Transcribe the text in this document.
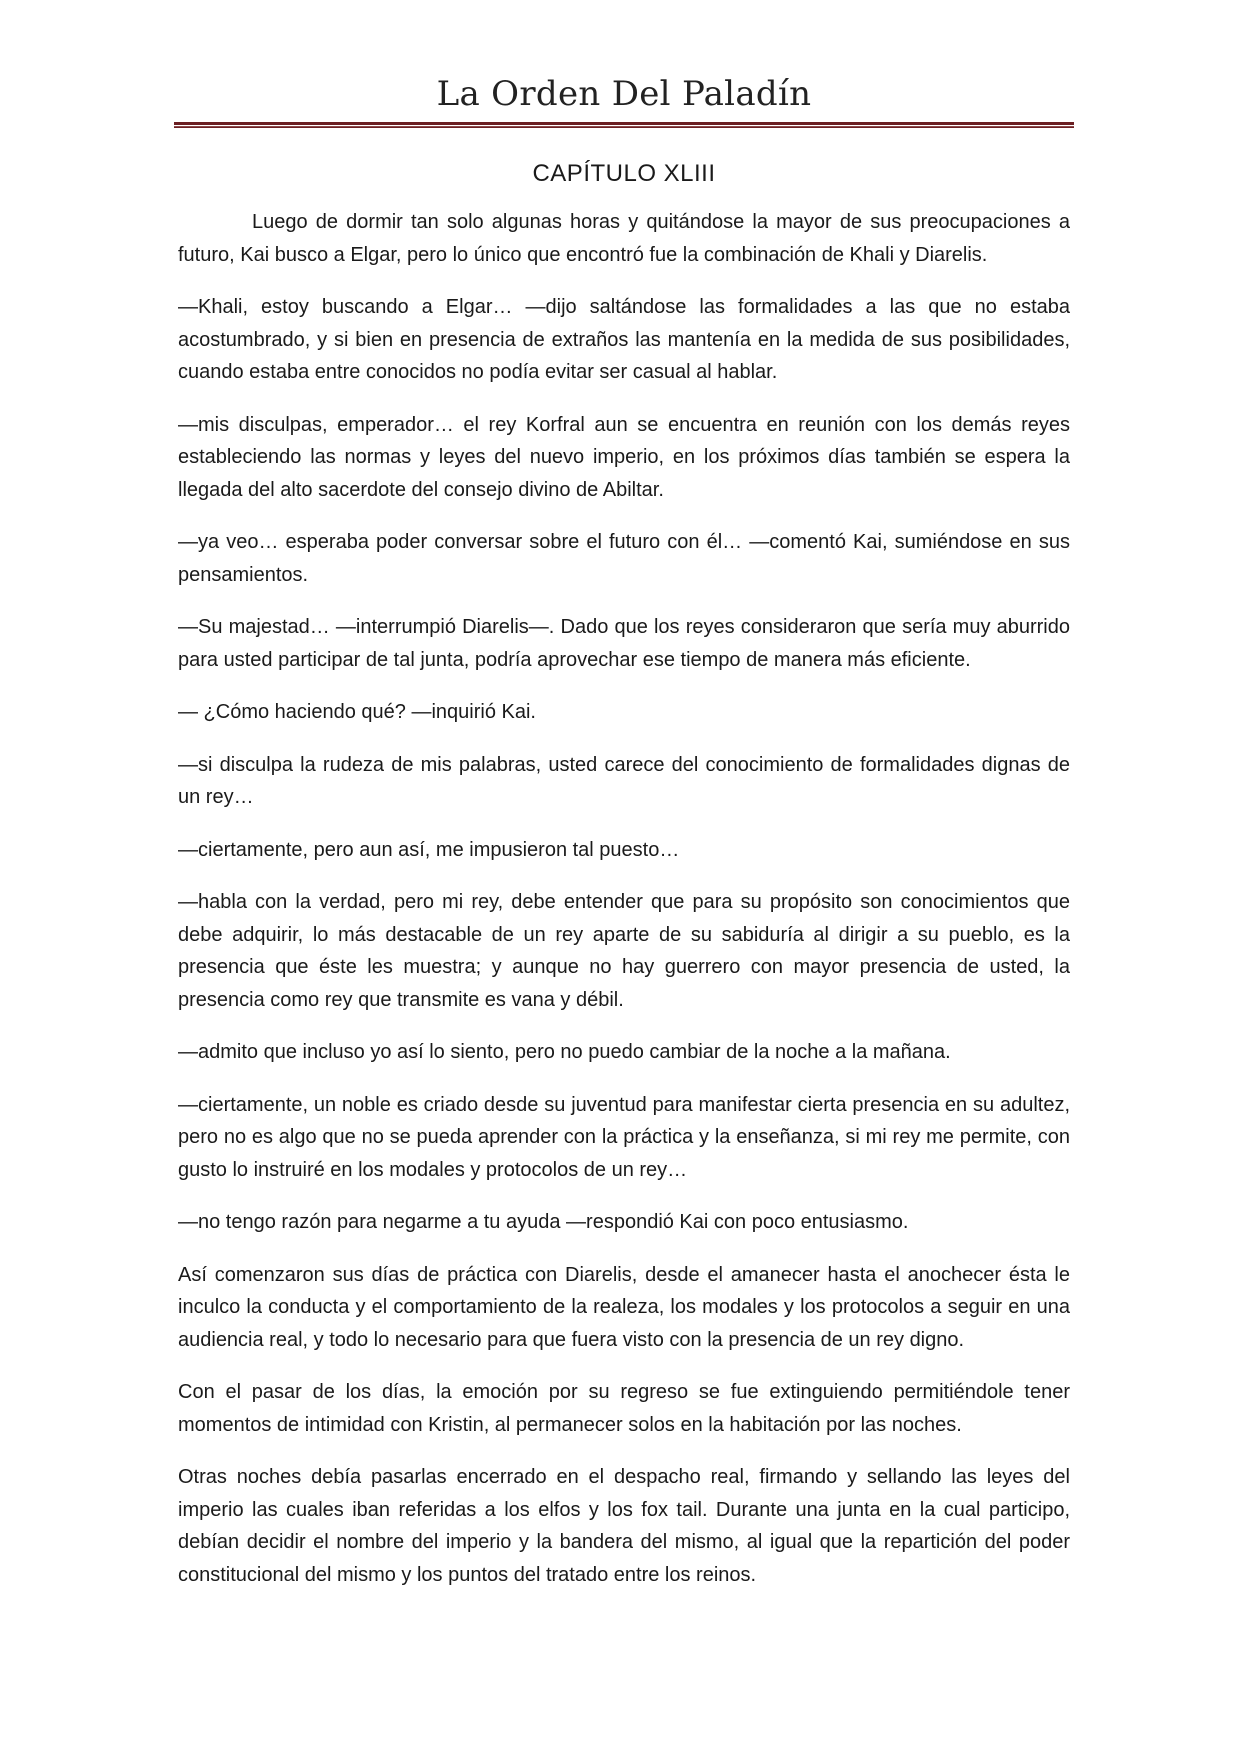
La Orden Del Paladín
CAPÍTULO XLIII

Luego de dormir tan solo algunas horas y quitándose la mayor de sus preocupaciones a futuro, Kai busco a Elgar, pero lo único que encontró fue la combinación de Khali y Diarelis.

—Khali, estoy buscando a Elgar… —dijo saltándose las formalidades a las que no estaba acostumbrado, y si bien en presencia de extraños las mantenía en la medida de sus posibilidades, cuando estaba entre conocidos no podía evitar ser casual al hablar.

—mis disculpas, emperador… el rey Korfral aun se encuentra en reunión con los demás reyes estableciendo las normas y leyes del nuevo imperio, en los próximos días también se espera la llegada del alto sacerdote del consejo divino de Abiltar.

—ya veo… esperaba poder conversar sobre el futuro con él… —comentó Kai, sumiéndose en sus pensamientos.

—Su majestad… —interrumpió Diarelis—. Dado que los reyes consideraron que sería muy aburrido para usted participar de tal junta, podría aprovechar ese tiempo de manera más eficiente.

— ¿Cómo haciendo qué? —inquirió Kai.

—si disculpa la rudeza de mis palabras, usted carece del conocimiento de formalidades dignas de un rey…

—ciertamente, pero aun así, me impusieron tal puesto…

—habla con la verdad, pero mi rey, debe entender que para su propósito son conocimientos que debe adquirir, lo más destacable de un rey aparte de su sabiduría al dirigir a su pueblo, es la presencia que éste les muestra; y aunque no hay guerrero con mayor presencia de usted, la presencia como rey que transmite es vana y débil.

—admito que incluso yo así lo siento, pero no puedo cambiar de la noche a la mañana.

—ciertamente, un noble es criado desde su juventud para manifestar cierta presencia en su adultez, pero no es algo que no se pueda aprender con la práctica y la enseñanza, si mi rey me permite, con gusto lo instruiré en los modales y protocolos de un rey…

—no tengo razón para negarme a tu ayuda —respondió Kai con poco entusiasmo.

Así comenzaron sus días de práctica con Diarelis, desde el amanecer hasta el anochecer ésta le inculco la conducta y el comportamiento de la realeza, los modales y los protocolos a seguir en una audiencia real, y todo lo necesario para que fuera visto con la presencia de un rey digno.

Con el pasar de los días, la emoción por su regreso se fue extinguiendo permitiéndole tener momentos de intimidad con Kristin, al permanecer solos en la habitación por las noches.

Otras noches debía pasarlas encerrado en el despacho real, firmando y sellando las leyes del imperio las cuales iban referidas a los elfos y los fox tail. Durante una junta en la cual participo, debían decidir el nombre del imperio y la bandera del mismo, al igual que la repartición del poder constitucional del mismo y los puntos del tratado entre los reinos.
